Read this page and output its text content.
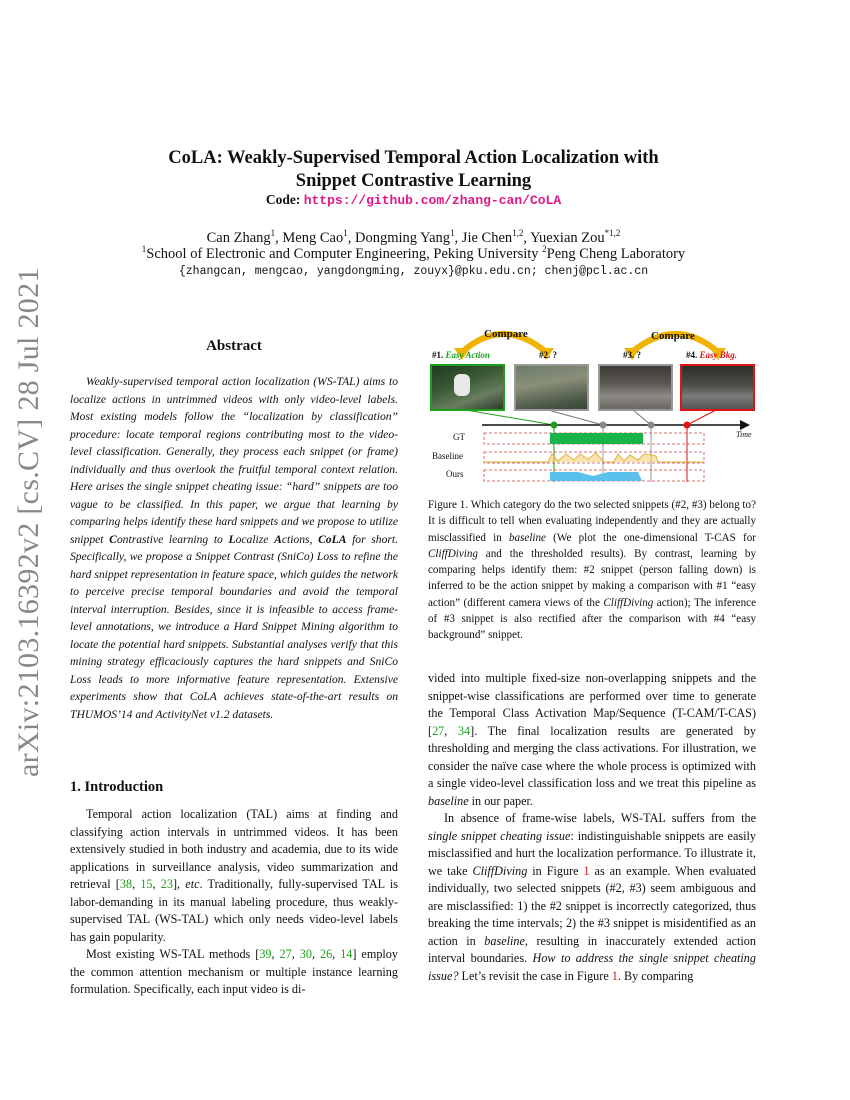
arXiv:2103.16392v2 [cs.CV] 28 Jul 2021
CoLA: Weakly-Supervised Temporal Action Localization with
Snippet Contrastive Learning
Code: https://github.com/zhang-can/CoLA
Can Zhang$^1$, Meng Cao$^1$, Dongming Yang$^1$, Jie Chen$^{1,2}$, Yuexian Zou$^{*1,2}$
$^1$School of Electronic and Computer Engineering, Peking University $^2$Peng Cheng Laboratory
{zhangcan, mengcao, yangdongming, zouyx}@pku.edu.cn; chenj@pcl.ac.cn
Abstract
Weakly-supervised temporal action localization (WS-TAL) aims to localize actions in untrimmed videos with only video-level labels. Most existing models follow the “localization by classification” procedure: locate temporal regions contributing most to the video-level classification. Generally, they process each snippet (or frame) individually and thus overlook the fruitful temporal context relation. Here arises the single snippet cheating issue: “hard” snippets are too vague to be classified. In this paper, we argue that learning by comparing helps identify these hard snippets and we propose to utilize snippet Contrastive learning to Localize Actions, CoLA for short. Specifically, we propose a Snippet Contrast (SniCo) Loss to refine the hard snippet representation in feature space, which guides the network to perceive precise temporal boundaries and avoid the temporal interval interruption. Besides, since it is infeasible to access frame-level annotations, we introduce a Hard Snippet Mining algorithm to locate the potential hard snippets. Substantial analyses verify that this mining strategy efficaciously captures the hard snippets and SniCo Loss leads to more informative feature representation. Extensive experiments show that CoLA achieves state-of-the-art results on THUMOS’14 and ActivityNet v1.2 datasets.
1. Introduction

Temporal action localization (TAL) aims at finding and classifying action intervals in untrimmed videos. It has been extensively studied in both industry and academia, due to its wide applications in surveillance analysis, video summarization and retrieval [38, 15, 23], etc. Traditionally, fully-supervised TAL is labor-demanding in its manual labeling procedure, thus weakly-supervised TAL (WS-TAL) which only needs video-level labels has gain popularity.

Most existing WS-TAL methods [39, 27, 30, 26, 14] employ the common attention mechanism or multiple instance learning formulation. Specifically, each input video is di-

Compare	Compare
#1. Easy Action	#2. ?	#3. ?	#4. Easy Bkg.
Time
GT
Baseline
Ours
Figure 1. Which category do the two selected snippets (#2, #3) belong to? It is difficult to tell when evaluating independently and they are actually misclassified in baseline (We plot the one-dimensional T-CAS for CliffDiving and the thresholded results). By contrast, learning by comparing helps identify them: #2 snippet (person falling down) is inferred to be the action snippet by making a comparison with #1 “easy action” (different camera views of the CliffDiving action); The inference of #3 snippet is also rectified after the comparison with #4 “easy background” snippet.

vided into multiple fixed-size non-overlapping snippets and the snippet-wise classifications are performed over time to generate the Temporal Class Activation Map/Sequence (T-CAM/T-CAS)[27, 34]. The final localization results are generated by thresholding and merging the class activations. For illustration, we consider the naïve case where the whole process is optimized with a single video-level classification loss and we treat this pipeline as baseline in our paper.

In absence of frame-wise labels, WS-TAL suffers from the single snippet cheating issue: indistinguishable snippets are easily misclassified and hurt the localization performance. To illustrate it, we take CliffDiving in Figure 1 as an example. When evaluated individually, two selected snippets (#2, #3) seem ambiguous and are misclassified: 1) the #2 snippet is incorrectly categorized, thus breaking the time intervals; 2) the #3 snippet is misidentified as an action in baseline, resulting in inaccurately extended action interval boundaries. How to address the single snippet cheating issue? Let’s revisit the case in Figure 1. By comparing
